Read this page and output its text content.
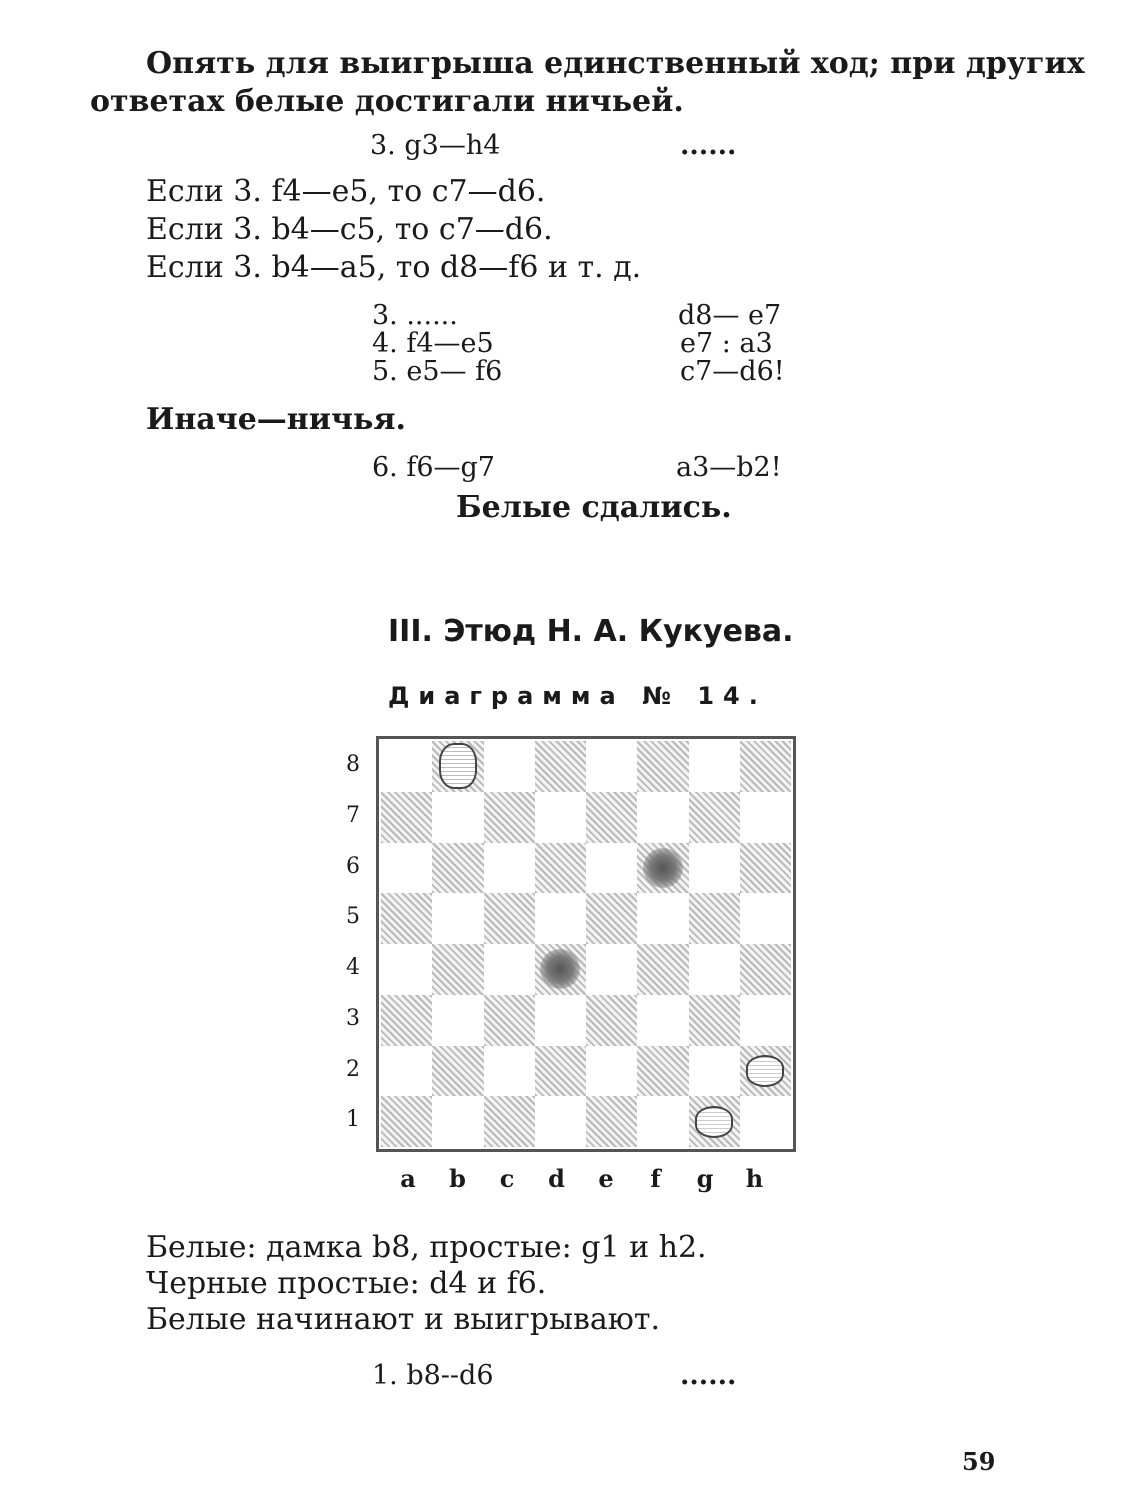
Опять для выигрыша единственный ход; при других
ответах белые достигали ничьей.
3. g3—h4	......
Если 3. f4—e5, то c7—d6.
Если 3. b4—c5, то c7—d6.
Если 3. b4—a5, то d8—f6 и т. д.
3. ......	d8— e7
4. f4—e5	e7 : a3
5. e5— f6	c7—d6!
Иначе—ничья.
6. f6—g7	a3—b2!
Белые сдались.
III. Этюд Н. А. Кукуева.
Диаграмма № 14.
8
7
6
5
4
3
2
1
a b c d e f g h
Белые: дамка b8, простые: g1 и h2.
Черные простые: d4 и f6.
Белые начинают и выигрывают.
1. b8--d6	......
59
